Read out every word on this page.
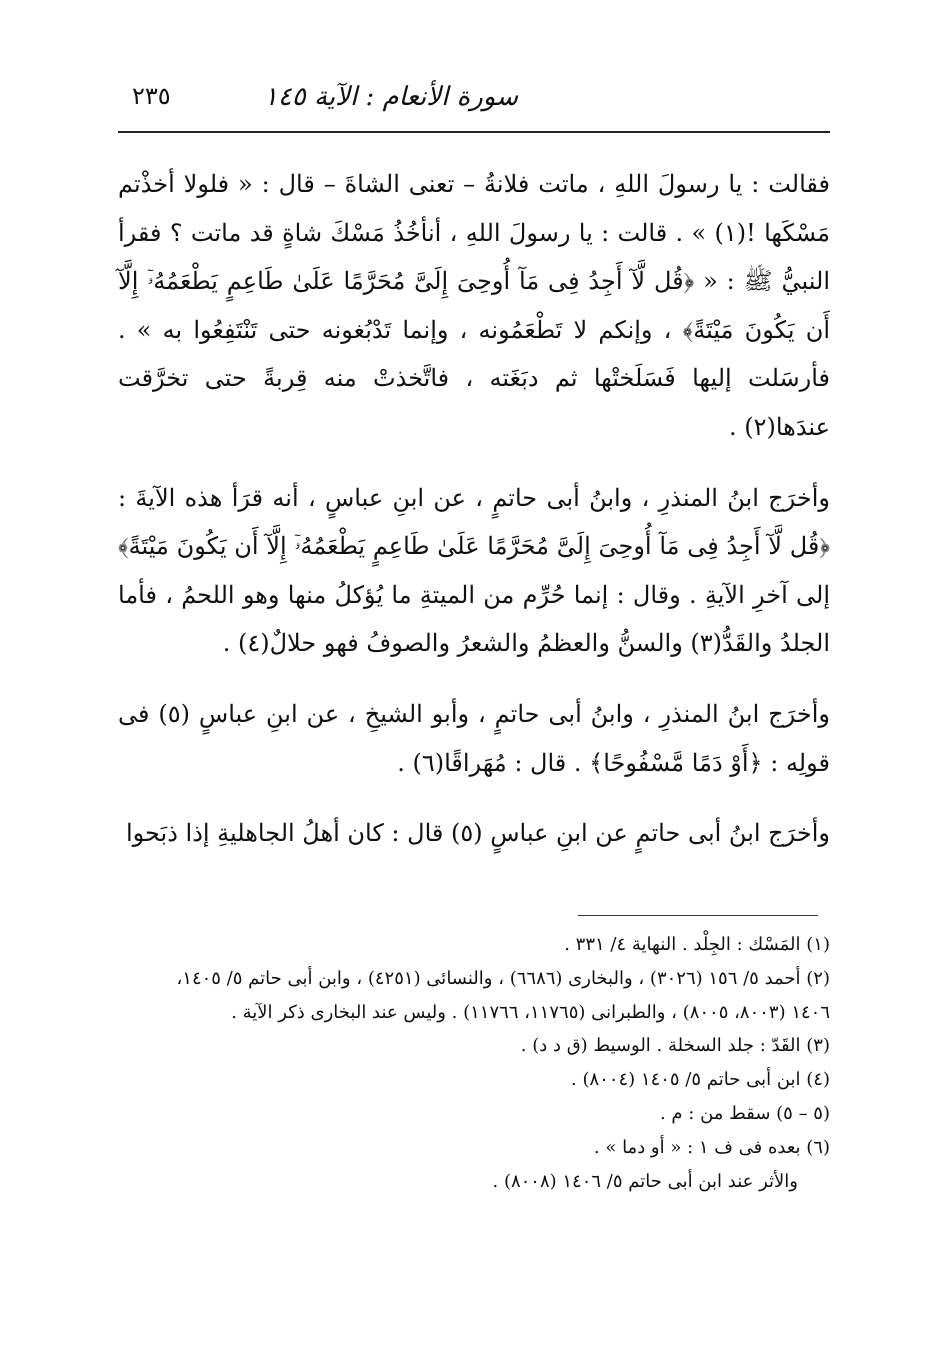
سورة الأنعام : الآية ١٤٥
٢٣٥

فقالت : يا رسولَ اللهِ ، ماتت فلانةُ – تعنى الشاةَ – قال : « فلولا أخذْتم مَسْكَها !(١) » . قالت : يا رسولَ اللهِ ، أنأخُذُ مَسْكَ شاةٍ قد ماتت ؟ فقرأ النبيُّ ﷺ : « ﴿قُل لَّآ أَجِدُ فِى مَآ أُوحِىَ إِلَىَّ مُحَرَّمًا عَلَىٰ طَاعِمٍ يَطْعَمُهُۥٓ إِلَّآ أَن يَكُونَ مَيْتَةً﴾ ، وإنكم لا تَطْعَمُونه ، وإنما تَدْبُغونه حتى تَنْتَفِعُوا به » . فأرسَلت إليها فَسَلَختْها ثم دبَغَته ، فاتَّخذتْ منه قِربةً حتى تخرَّقت عندَها(٢) .

وأخرَج ابنُ المنذرِ ، وابنُ أبى حاتمٍ ، عن ابنِ عباسٍ ، أنه قرَأ هذه الآيةَ : ﴿قُل لَّآ أَجِدُ فِى مَآ أُوحِىَ إِلَىَّ مُحَرَّمًا عَلَىٰ طَاعِمٍ يَطْعَمُهُۥٓ إِلَّآ أَن يَكُونَ مَيْتَةً﴾ إلى آخرِ الآيةِ . وقال : إنما حُرِّم من الميتةِ ما يُؤكلُ منها وهو اللحمُ ، فأما الجلدُ والقَدُّ(٣) والسنُّ والعظمُ والشعرُ والصوفُ فهو حلالٌ(٤) .

وأخرَج ابنُ المنذرِ ، وابنُ أبى حاتمٍ ، وأبو الشيخِ ، عن ابنِ عباسٍ (٥) فى قولِه : ﴿أَوْ دَمًا مَّسْفُوحًا﴾ . قال : مُهَراقًا(٦) .

وأخرَج ابنُ أبى حاتمٍ عن ابنِ عباسٍ (٥) قال : كان أهلُ الجاهليةِ إذا ذبَحوا

(١) المَسْك : الجِلْد . النهاية ٤/ ٣٣١ .

(٢) أحمد ٥/ ١٥٦ (٣٠٢٦) ، والبخارى (٦٦٨٦) ، والنسائى (٤٢٥١) ، وابن أبى حاتم ٥/ ١٤٠٥،

١٤٠٦ (٨٠٠٣، ٨٠٠٥) ، والطبرانى (١١٧٦٥، ١١٧٦٦) . وليس عند البخارى ذكر الآية .

(٣) القَدّ : جلد السخلة . الوسيط (ق د د) .

(٤) ابن أبى حاتم ٥/ ١٤٠٥ (٨٠٠٤) .

(٥ – ٥) سقط من : م .

(٦) بعده فى ف ١ : « أو دما » .

والأثر عند ابن أبى حاتم ٥/ ١٤٠٦ (٨٠٠٨) .
